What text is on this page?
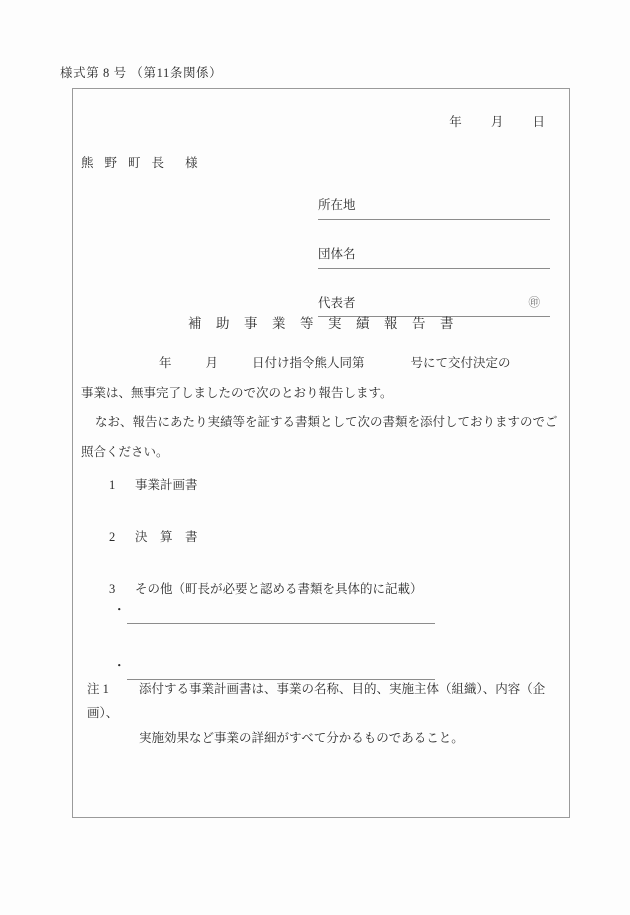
様式第 8 号 （第11条関係）
年 月 日
熊 野 町 長 様
所在地
団体名
代表者	㊞
補 助 事 業 等 実 績 報 告 書
年	月	日付け指令熊人同第	号にて交付決定の
事業は、無事完了しましたので次のとおり報告します。
なお、報告にあたり実績等を証する書類として次の書類を添付しておりますのでご
照合ください。
1 事業計画書
2 決　算　書
3 その他（町長が必要と認める書類を具体的に記載）
・
・
注 1 添付する事業計画書は、事業の名称、目的、実施主体（組織）、内容（企画）、
実施効果など事業の詳細がすべて分かるものであること。
